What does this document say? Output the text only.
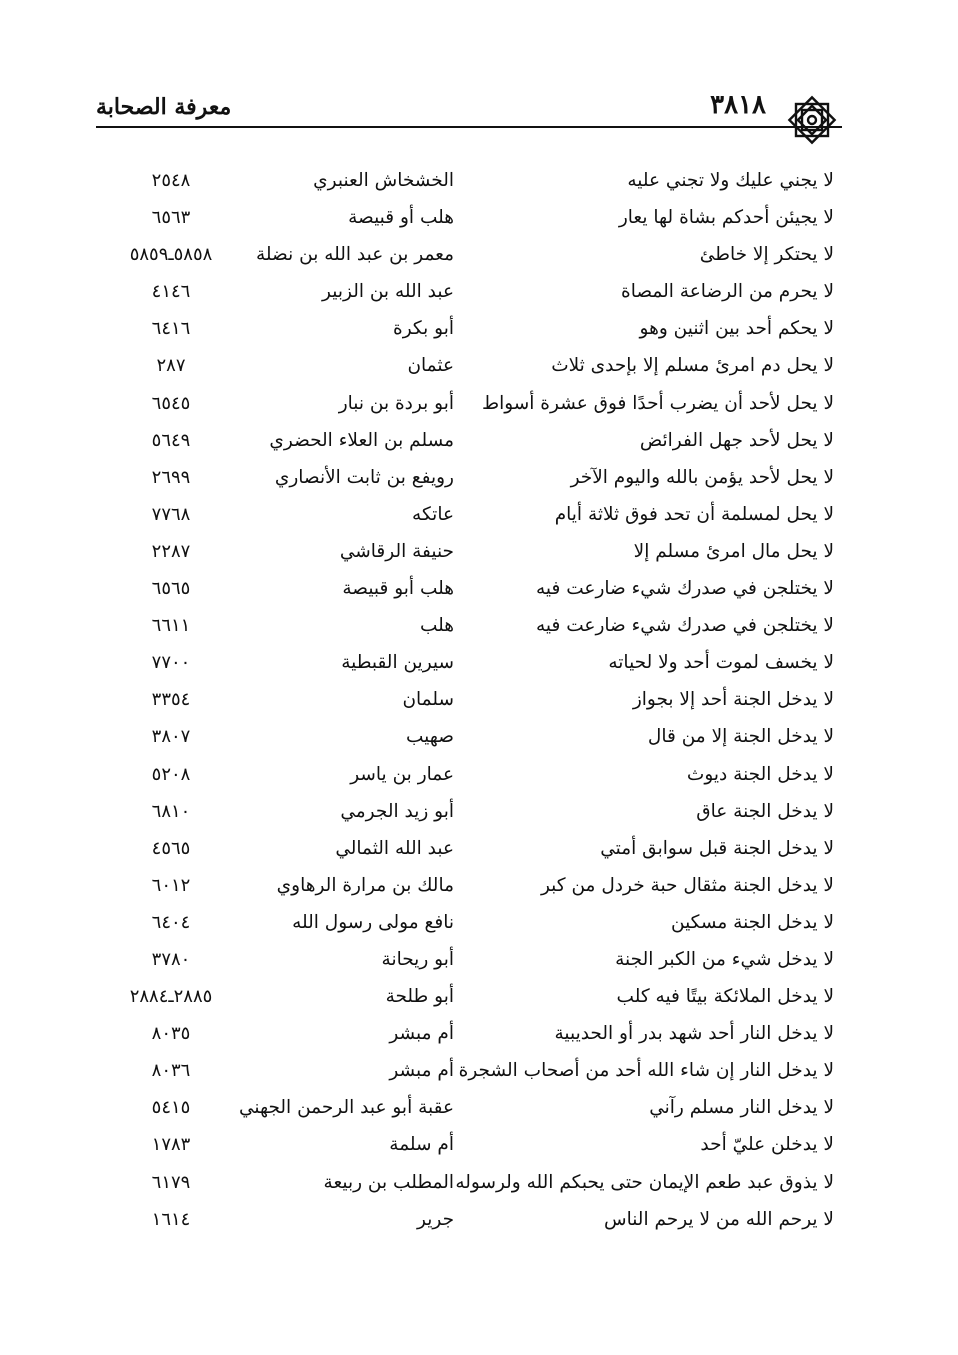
٣٨١٨
معرفة الصحابة
لا يجني عليك ولا تجني عليه
الخشخاش العنبري
٢٥٤٨
لا يجيئن أحدكم بشاة لها يعار
هلب أو قبيصة
٦٥٦٣
لا يحتكر إلا خاطئ
معمر بن عبد الله بن نضلة
٥٨٥٨ـ٥٨٥٩
لا يحرم من الرضاعة المصاة
عبد الله بن الزبير
٤١٤٦
لا يحكم أحد بين اثنين وهو
أبو بكرة
٦٤١٦
لا يحل دم امرئ مسلم إلا بإحدى ثلاث
عثمان
٢٨٧
لا يحل لأحد أن يضرب أحدًا فوق عشرة أسواط
أبو بردة بن نبار
٦٥٤٥
لا يحل لأحد جهل الفرائض
مسلم بن العلاء الحضري
٥٦٤٩
لا يحل لأحد يؤمن بالله واليوم الآخر
رويفع بن ثابت الأنصاري
٢٦٩٩
لا يحل لمسلمة أن تحد فوق ثلاثة أيام
عاتكه
٧٧٦٨
لا يحل مال امرئ مسلم إلا
حنيفة الرقاشي
٢٢٨٧
لا يختلجن في صدرك شيء ضارعت فيه
هلب أبو قبيصة
٦٥٦٥
لا يختلجن في صدرك شيء ضارعت فيه
هلب
٦٦١١
لا يخسف لموت أحد ولا لحياته
سيرين القبطية
٧٧٠٠
لا يدخل الجنة أحد إلا بجواز
سلمان
٣٣٥٤
لا يدخل الجنة إلا من قال
صهيب
٣٨٠٧
لا يدخل الجنة ديوث
عمار بن ياسر
٥٢٠٨
لا يدخل الجنة عاق
أبو زيد الجرمي
٦٨١٠
لا يدخل الجنة قبل سوابق أمتي
عبد الله الثمالي
٤٥٦٥
لا يدخل الجنة مثقال حبة خردل من كبر
مالك بن مرارة الرهاوي
٦٠١٢
لا يدخل الجنة مسكين
نافع مولى رسول الله
٦٤٠٤
لا يدخل شيء من الكبر الجنة
أبو ريحانة
٣٧٨٠
لا يدخل الملائكة بيتًا فيه كلب
أبو طلحة
٢٨٨٥ـ٢٨٨٤
لا يدخل النار أحد شهد بدر أو الحديبية
أم مبشر
٨٠٣٥
لا يدخل النار إن شاء الله أحد من أصحاب الشجرة
أم مبشر
٨٠٣٦
لا يدخل النار مسلم رآني
عقبة أبو عبد الرحمن الجهني
٥٤١٥
لا يدخلن عليّ أحد
أم سلمة
١٧٨٣
لا يذوق عبد طعم الإيمان حتى يحبكم الله ولرسوله
المطلب بن ربيعة
٦١٧٩
لا يرحم الله من لا يرحم الناس
جرير
١٦١٤
